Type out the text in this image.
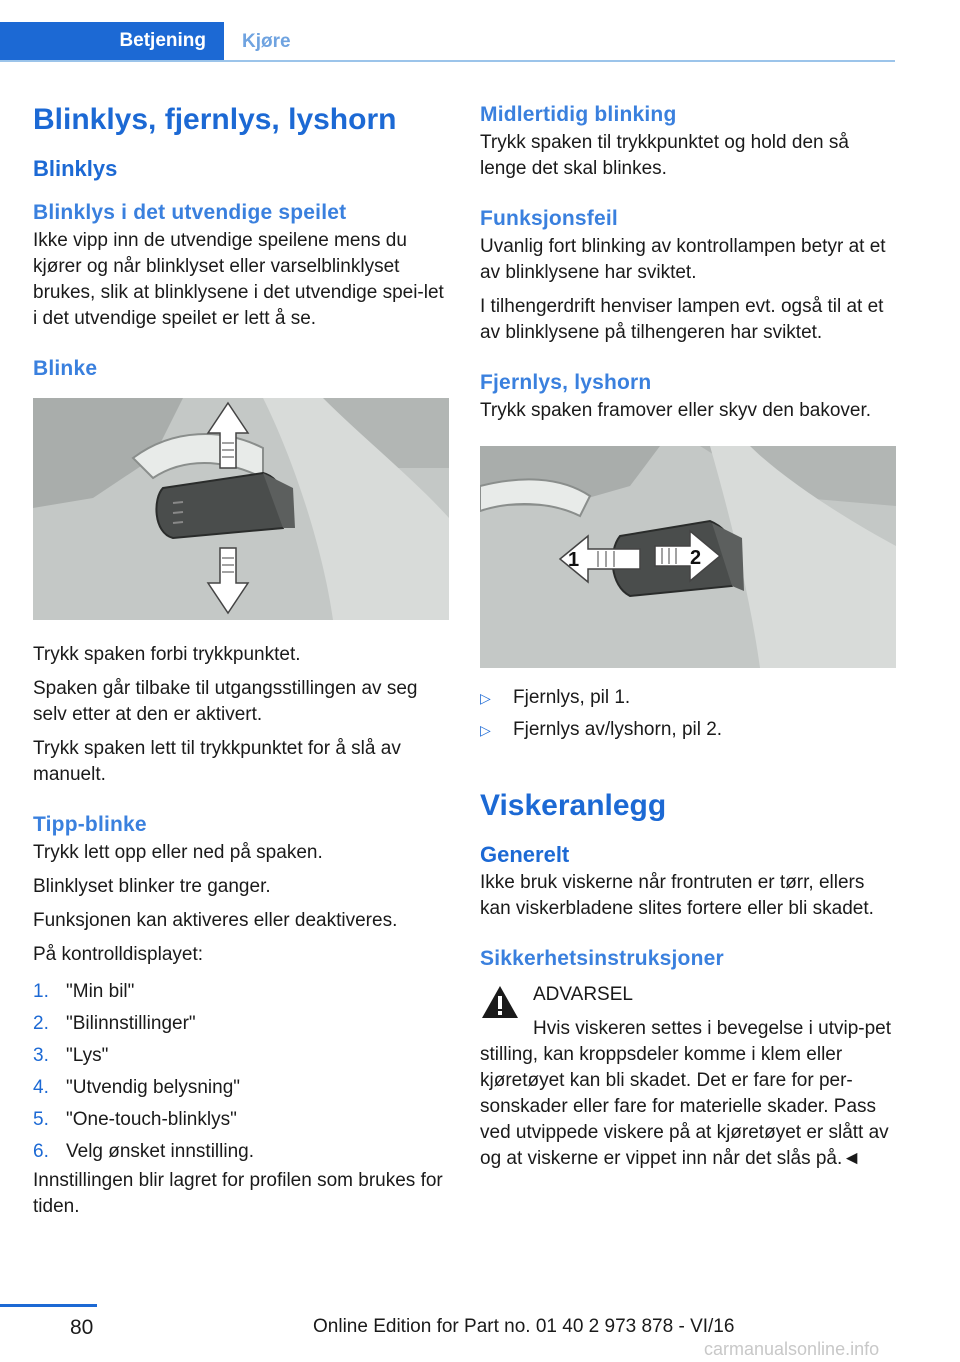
Betjening	Kjøre
Blinklys, fjernlys, lyshorn
Blinklys
Blinklys i det utvendige speilet

Ikke vipp inn de utvendige speilene mens du kjører og når blinklyset eller varselblinklyset brukes, slik at blinklysene i det utvendige spei-let i det utvendige speilet er lett å se.

Blinke

Trykk spaken forbi trykkpunktet.

Spaken går tilbake til utgangsstillingen av seg selv etter at den er aktivert.

Trykk spaken lett til trykkpunktet for å slå av manuelt.

Tipp-blinke

Trykk lett opp eller ned på spaken.

Blinklyset blinker tre ganger.

Funksjonen kan aktiveres eller deaktiveres.

På kontrolldisplayet:

1. "Min bil"
2. "Bilinnstillinger"
3. "Lys"
4. "Utvendig belysning"
5. "One-touch-blinklys"
6. Velg ønsket innstilling.

Innstillingen blir lagret for profilen som brukes for tiden.

Midlertidig blinking

Trykk spaken til trykkpunktet og hold den så lenge det skal blinkes.

Funksjonsfeil

Uvanlig fort blinking av kontrollampen betyr at et av blinklysene har sviktet.

I tilhengerdrift henviser lampen evt. også til at et av blinklysene på tilhengeren har sviktet.

Fjernlys, lyshorn

Trykk spaken framover eller skyv den bakover.

1	2
▷ Fjernlys, pil 1.
▷ Fjernlys av/lyshorn, pil 2.
Viskeranlegg
Generelt

Ikke bruk viskerne når frontruten er tørr, ellers kan viskerbladene slites fortere eller bli skadet.

Sikkerhetsinstruksjoner

ADVARSEL

Hvis viskeren settes i bevegelse i utvip-pet stilling, kan kroppsdeler komme i klem eller kjøretøyet kan bli skadet. Det er fare for per-sonskader eller fare for materielle skader. Pass ved utvippede viskere på at kjøretøyet er slått av og at viskerne er vippet inn når det slås på.◄

80	Online Edition for Part no. 01 40 2 973 878 - VI/16
carmanualsonline.info
